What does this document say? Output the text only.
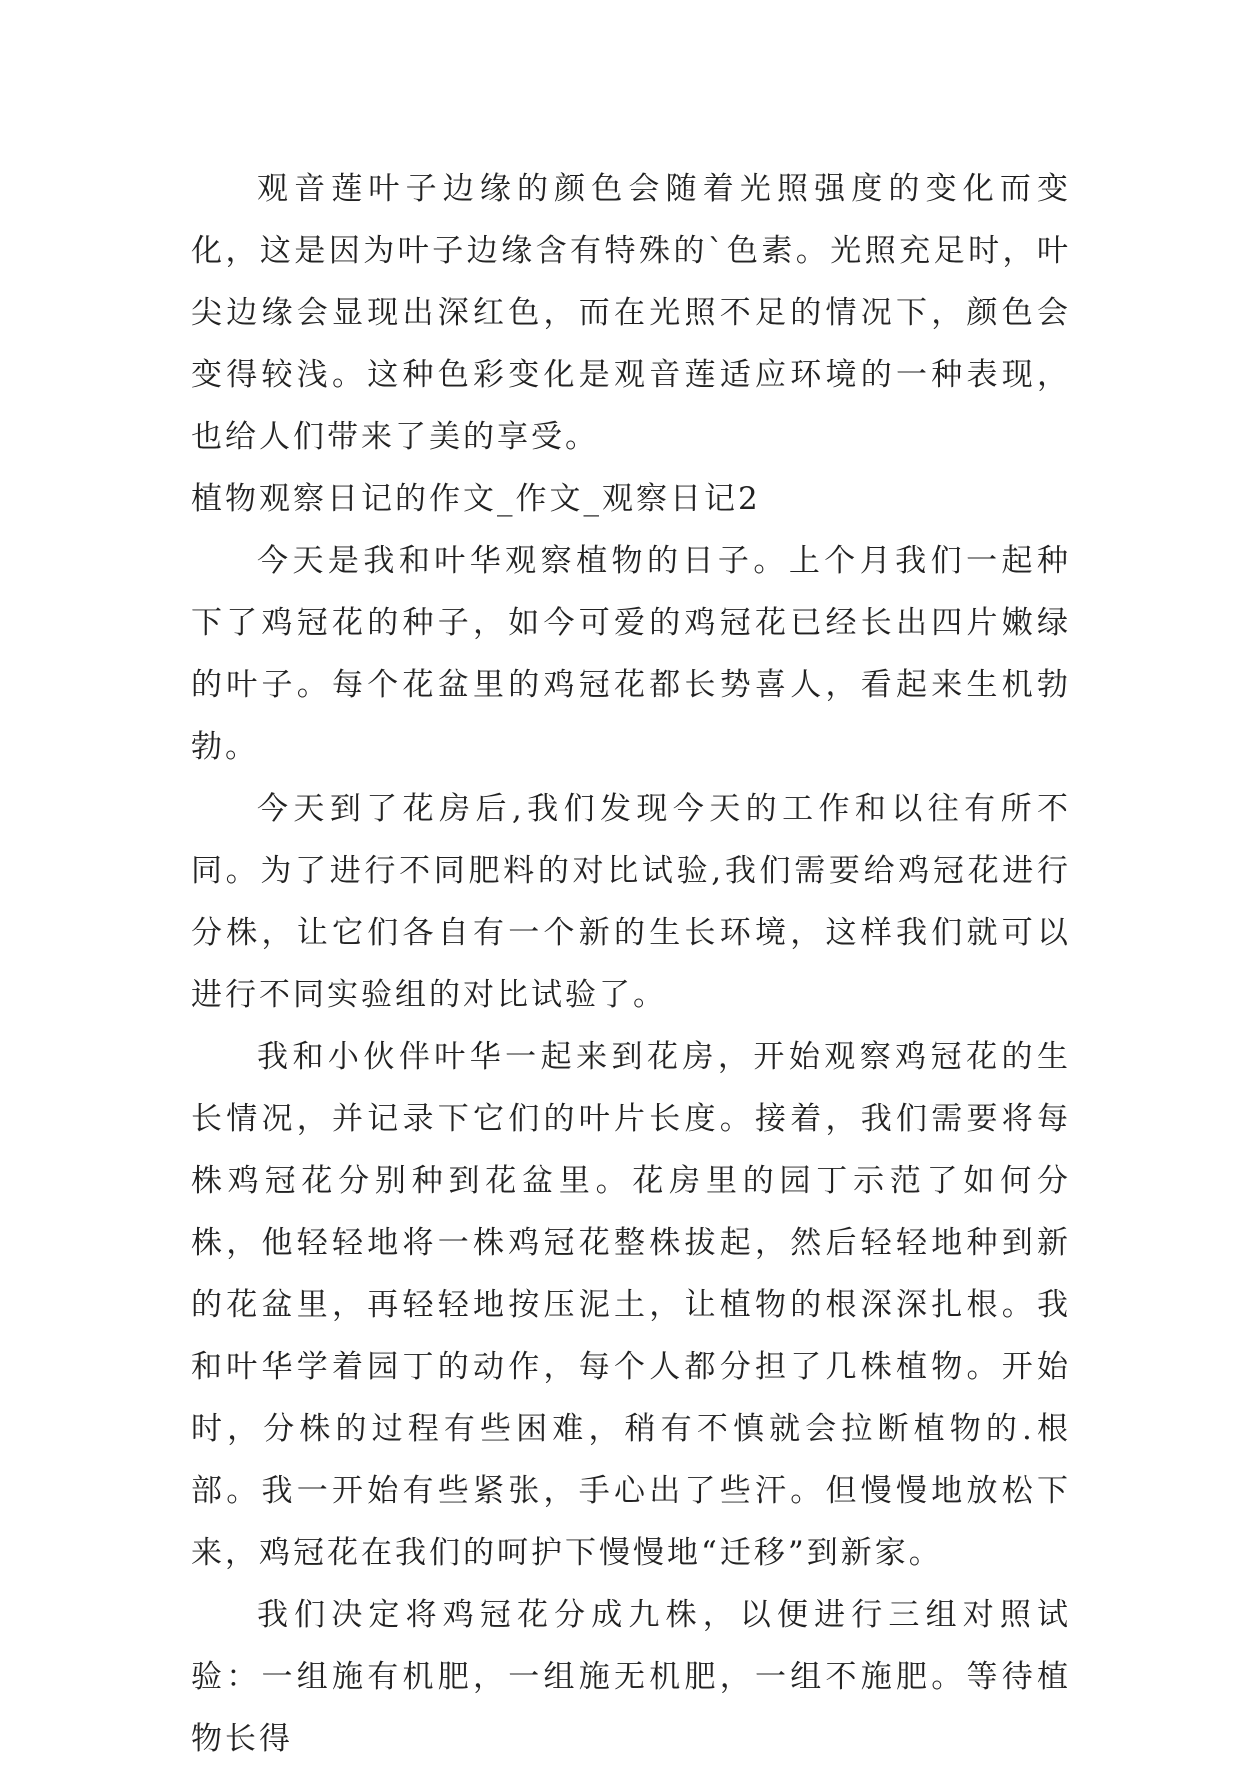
观音莲叶子边缘的颜色会随着光照强度的变化而变化，这是因为叶子边缘含有特殊的`色素。光照充足时，叶尖边缘会显现出深红色，而在光照不足的情况下，颜色会变得较浅。这种色彩变化是观音莲适应环境的一种表现，也给人们带来了美的享受。

植物观察日记的作文_作文_观察日记2

今天是我和叶华观察植物的日子。上个月我们一起种下了鸡冠花的种子，如今可爱的鸡冠花已经长出四片嫩绿的叶子。每个花盆里的鸡冠花都长势喜人，看起来生机勃勃。

今天到了花房后,我们发现今天的工作和以往有所不同。为了进行不同肥料的对比试验,我们需要给鸡冠花进行分株，让它们各自有一个新的生长环境，这样我们就可以进行不同实验组的对比试验了。

我和小伙伴叶华一起来到花房，开始观察鸡冠花的生长情况，并记录下它们的叶片长度。接着，我们需要将每株鸡冠花分别种到花盆里。花房里的园丁示范了如何分株，他轻轻地将一株鸡冠花整株拔起，然后轻轻地种到新的花盆里，再轻轻地按压泥土，让植物的根深深扎根。我和叶华学着园丁的动作，每个人都分担了几株植物。开始时，分株的过程有些困难，稍有不慎就会拉断植物的.根部。我一开始有些紧张，手心出了些汗。但慢慢地放松下来，鸡冠花在我们的呵护下慢慢地“迁移”到新家。

我们决定将鸡冠花分成九株，以便进行三组对照试验：一组施有机肥，一组施无机肥，一组不施肥。等待植物长得
